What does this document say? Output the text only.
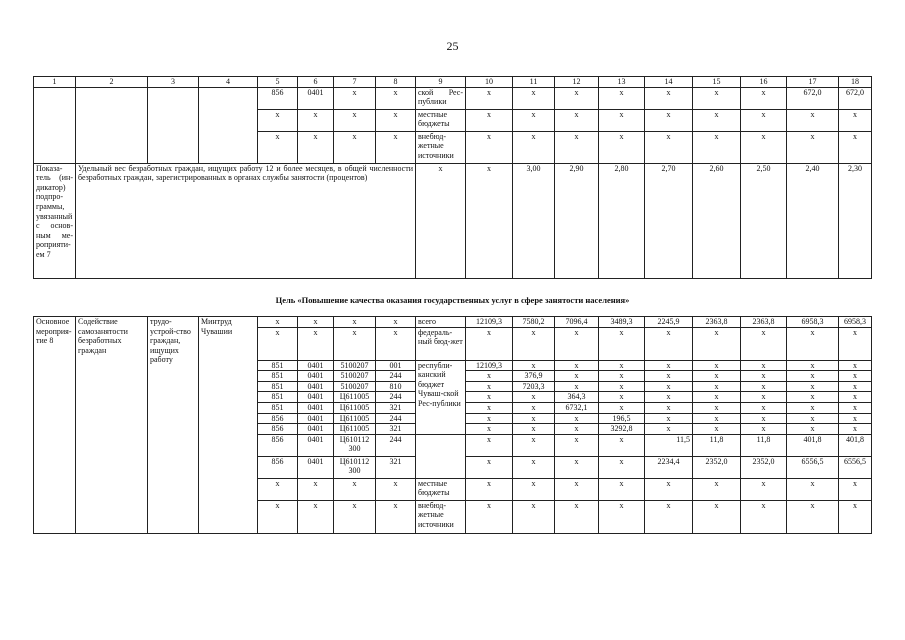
25
1	2	3	4	5	6	7	8	9	10	11	12	13	14	15	16	17	18
				856	0401	x	x	ской Рес-публики	x	x	x	x	x	x	x	672,0	672,0
				x	x	x	x	местные бюджеты	x	x	x	x	x	x	x	x	x
				x	x	x	x	внебюд-жетные источники	x	x	x	x	x	x	x	x	x
Показа-тель (ин-дикатор) подпро-граммы, увязанный с основ-ным ме-роприяти-ем 7	Удельный вес безработных граждан, ищущих работу 12 и более месяцев, в общей численности безработных граждан, зарегистрированных в органах службы занятости (процентов)							x	x	3,00	2,90	2,80	2,70	2,60	2,50	2,40	2,30
Цель «Повышение качества оказания государственных услуг в сфере занятости населения»
Основное мероприя-тие 8	Содействие самозанятости безработных граждан	трудо-устрой-ство граждан, ищущих работу	Минтруд Чувашии	x	x	x	x	всего	12109,3	7580,2	7096,4	3489,3	2245,9	2363,8	2363,8	6958,3	6958,3
				x	x	x	x	федераль-ный бюд-жет	x	x	x	x	x	x	x	x	x
				851	0401	5100207	001	республи-канский бюджет Чуваш-ской Рес-публики	12109,3	x	x	x	x	x	x	x	x
				851	0401	5100207	244		x	376,9	x	x	x	x	x	x	x
				851	0401	5100207	810		x	7203,3	x	x	x	x	x	x	x
				851	0401	Ц611005	244		x	x	364,3	x	x	x	x	x	x
				851	0401	Ц611005	321		x	x	6732,1	x	x	x	x	x	x
				856	0401	Ц611005	244		x	x	x	196,5	x	x	x	x	x
				856	0401	Ц611005	321		x	x	x	3292,8	x	x	x	x	x
				856	0401	Ц610112 300	244		x	x	x	x	11,5	11,8	11,8	401,8	401,8
				856	0401	Ц610112 300	321		x	x	x	x	2234,4	2352,0	2352,0	6556,5	6556,5
				x	x	x	x	местные бюджеты	x	x	x	x	x	x	x	x	x
				x	x	x	x	внебюд-жетные источники	x	x	x	x	x	x	x	x	x
